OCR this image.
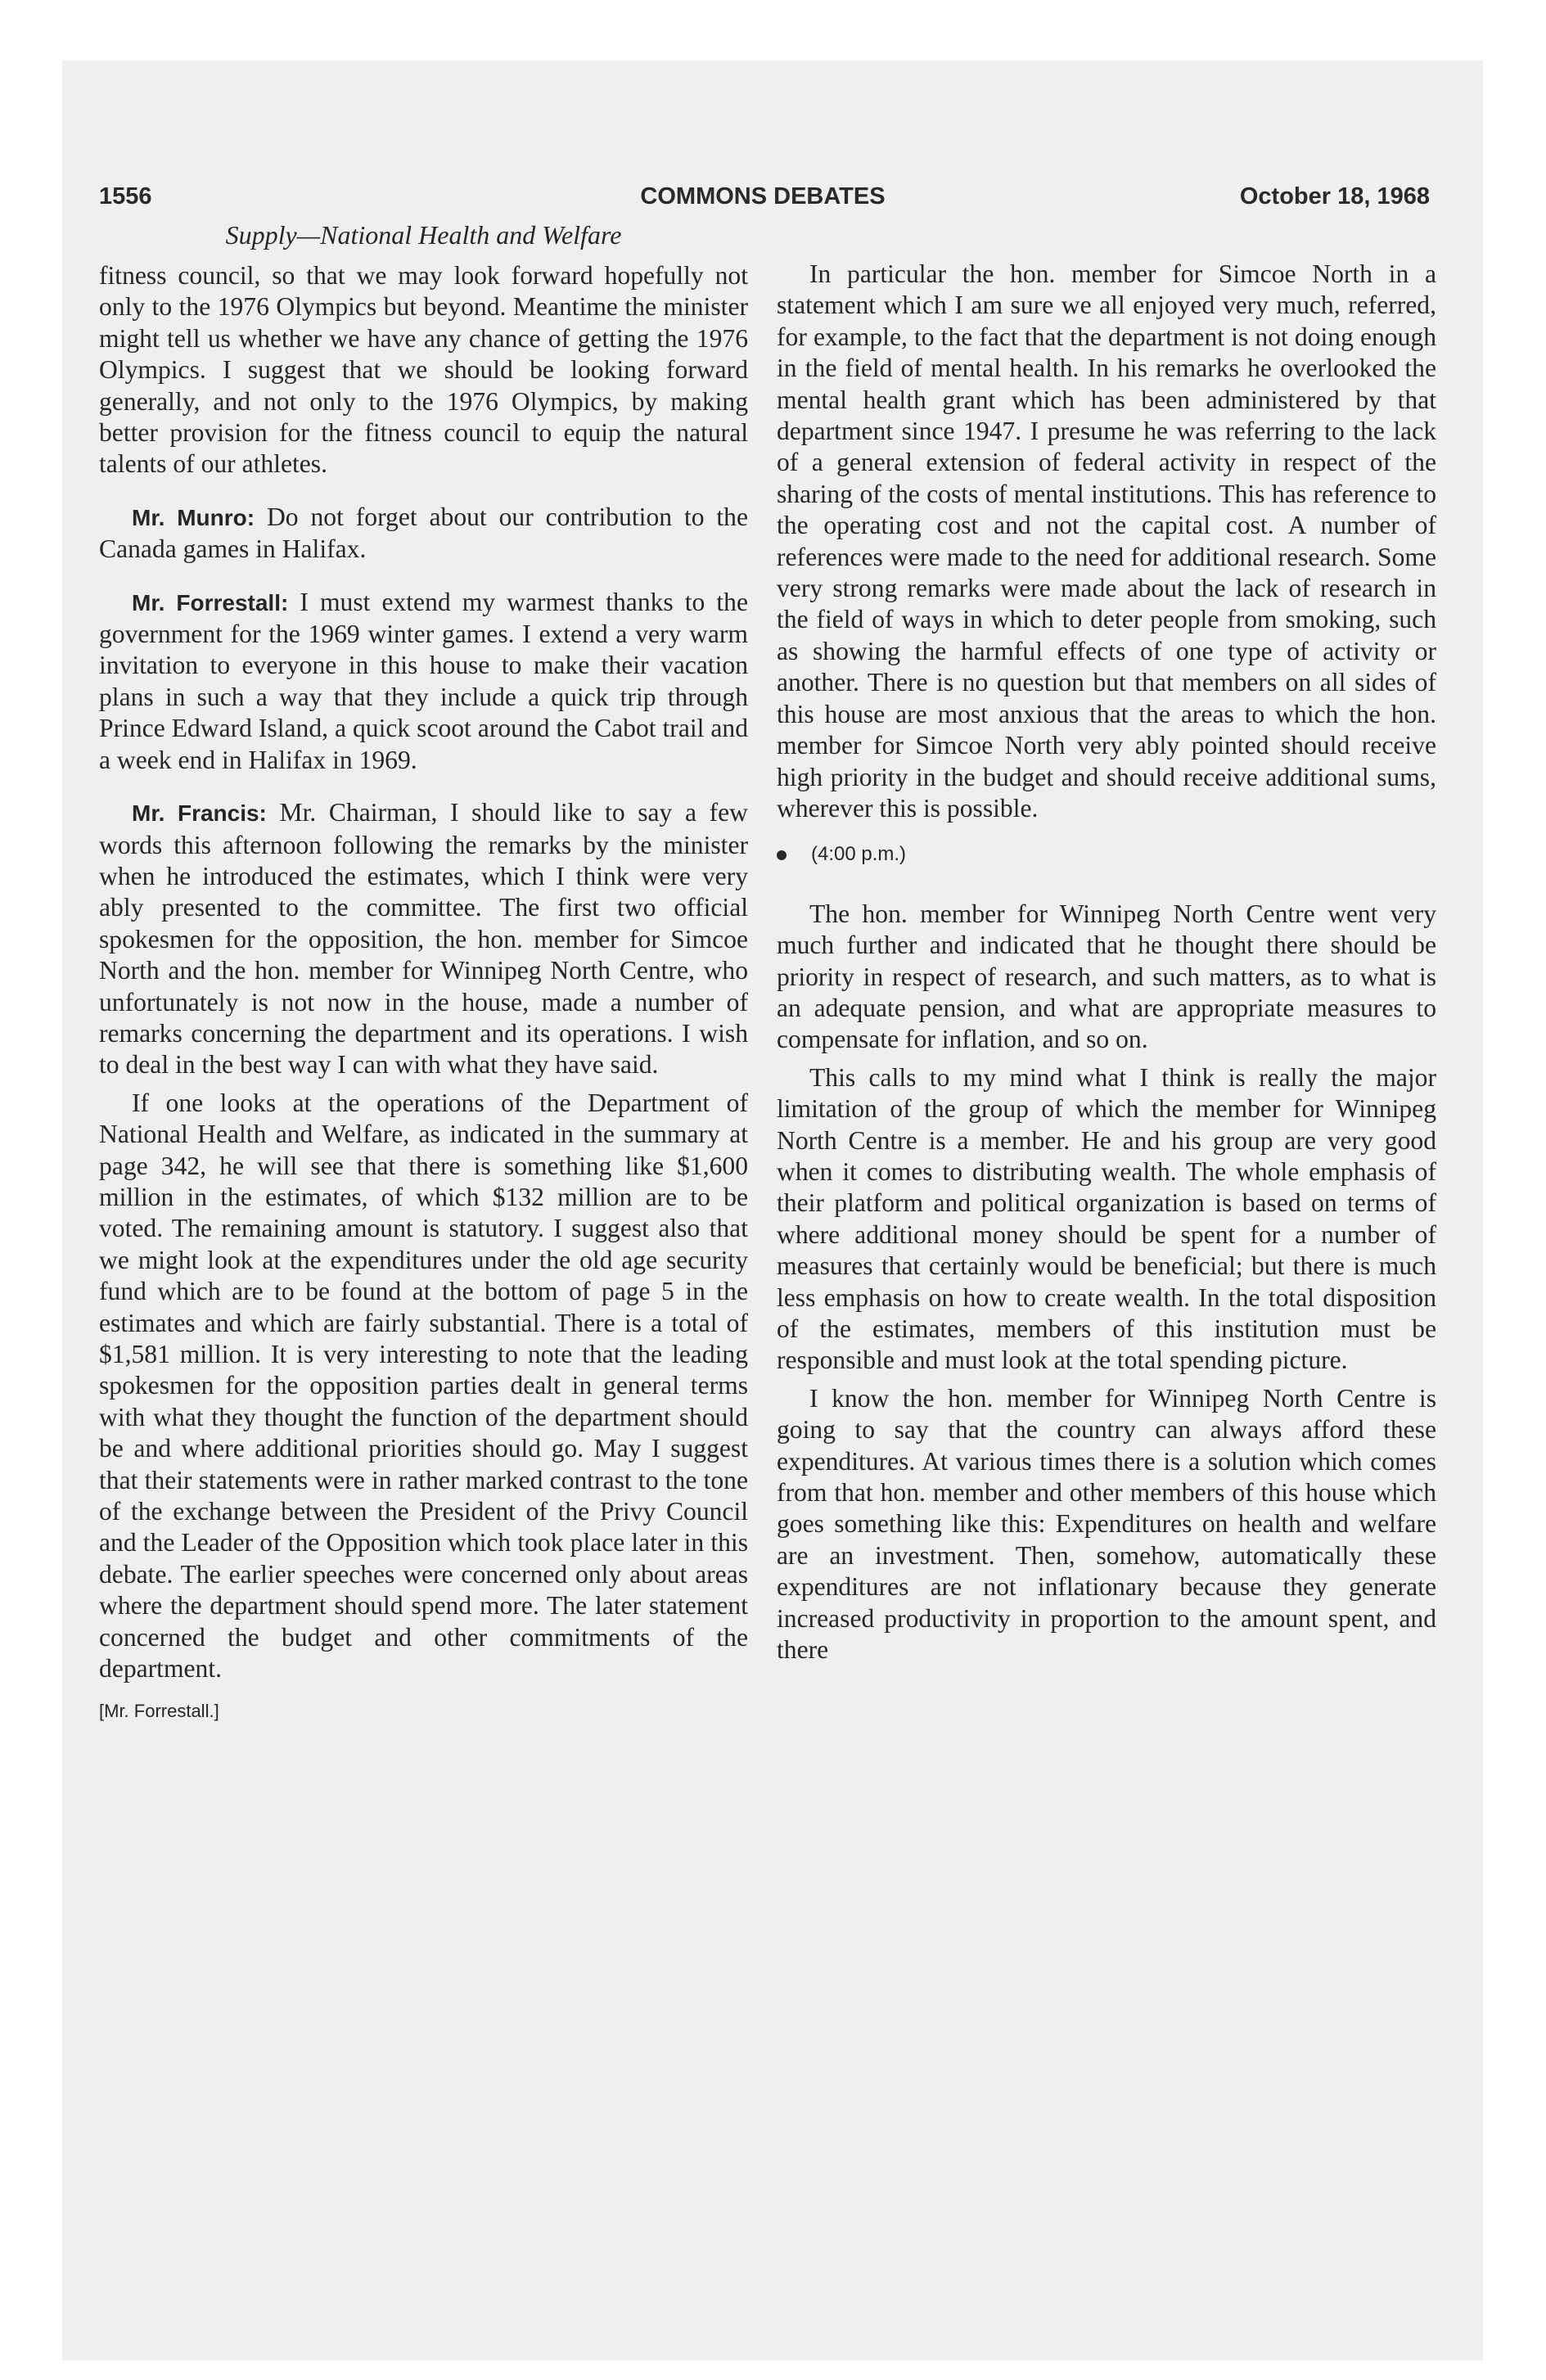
1556	COMMONS DEBATES	October 18, 1968
Supply—National Health and Welfare

fitness council, so that we may look forward hopefully not only to the 1976 Olympics but beyond. Meantime the minister might tell us whether we have any chance of getting the 1976 Olympics. I suggest that we should be looking forward generally, and not only to the 1976 Olympics, by making better provision for the fitness council to equip the natural talents of our athletes.

Mr. Munro: Do not forget about our contribution to the Canada games in Halifax.

Mr. Forrestall: I must extend my warmest thanks to the government for the 1969 winter games. I extend a very warm invitation to everyone in this house to make their vacation plans in such a way that they include a quick trip through Prince Edward Island, a quick scoot around the Cabot trail and a week end in Halifax in 1969.

Mr. Francis: Mr. Chairman, I should like to say a few words this afternoon following the remarks by the minister when he introduced the estimates, which I think were very ably presented to the committee. The first two official spokesmen for the opposition, the hon. member for Simcoe North and the hon. member for Winnipeg North Centre, who unfortunately is not now in the house, made a number of remarks concerning the department and its operations. I wish to deal in the best way I can with what they have said.

If one looks at the operations of the Department of National Health and Welfare, as indicated in the summary at page 342, he will see that there is something like $1,600 million in the estimates, of which $132 million are to be voted. The remaining amount is statutory. I suggest also that we might look at the expenditures under the old age security fund which are to be found at the bottom of page 5 in the estimates and which are fairly substantial. There is a total of $1,581 million. It is very interesting to note that the leading spokesmen for the opposition parties dealt in general terms with what they thought the function of the department should be and where additional priorities should go. May I suggest that their statements were in rather marked contrast to the tone of the exchange between the President of the Privy Council and the Leader of the Opposition which took place later in this debate. The earlier speeches were concerned only about areas where the department should spend more. The later statement concerned the budget and other commitments of the department.

[Mr. Forrestall.]

In particular the hon. member for Simcoe North in a statement which I am sure we all enjoyed very much, referred, for example, to the fact that the department is not doing enough in the field of mental health. In his remarks he overlooked the mental health grant which has been administered by that department since 1947. I presume he was referring to the lack of a general extension of federal activity in respect of the sharing of the costs of mental institutions. This has reference to the operating cost and not the capital cost. A number of references were made to the need for additional research. Some very strong remarks were made about the lack of research in the field of ways in which to deter people from smoking, such as showing the harmful effects of one type of activity or another. There is no question but that members on all sides of this house are most anxious that the areas to which the hon. member for Simcoe North very ably pointed should receive high priority in the budget and should receive additional sums, wherever this is possible.

(4:00 p.m.)

The hon. member for Winnipeg North Centre went very much further and indicated that he thought there should be priority in respect of research, and such matters, as to what is an adequate pension, and what are appropriate measures to compensate for inflation, and so on.

This calls to my mind what I think is really the major limitation of the group of which the member for Winnipeg North Centre is a member. He and his group are very good when it comes to distributing wealth. The whole emphasis of their platform and political organization is based on terms of where additional money should be spent for a number of measures that certainly would be beneficial; but there is much less emphasis on how to create wealth. In the total disposition of the estimates, members of this institution must be responsible and must look at the total spending picture.

I know the hon. member for Winnipeg North Centre is going to say that the country can always afford these expenditures. At various times there is a solution which comes from that hon. member and other members of this house which goes something like this: Expenditures on health and welfare are an investment. Then, somehow, automatically these expenditures are not inflationary because they generate increased productivity in proportion to the amount spent, and there
